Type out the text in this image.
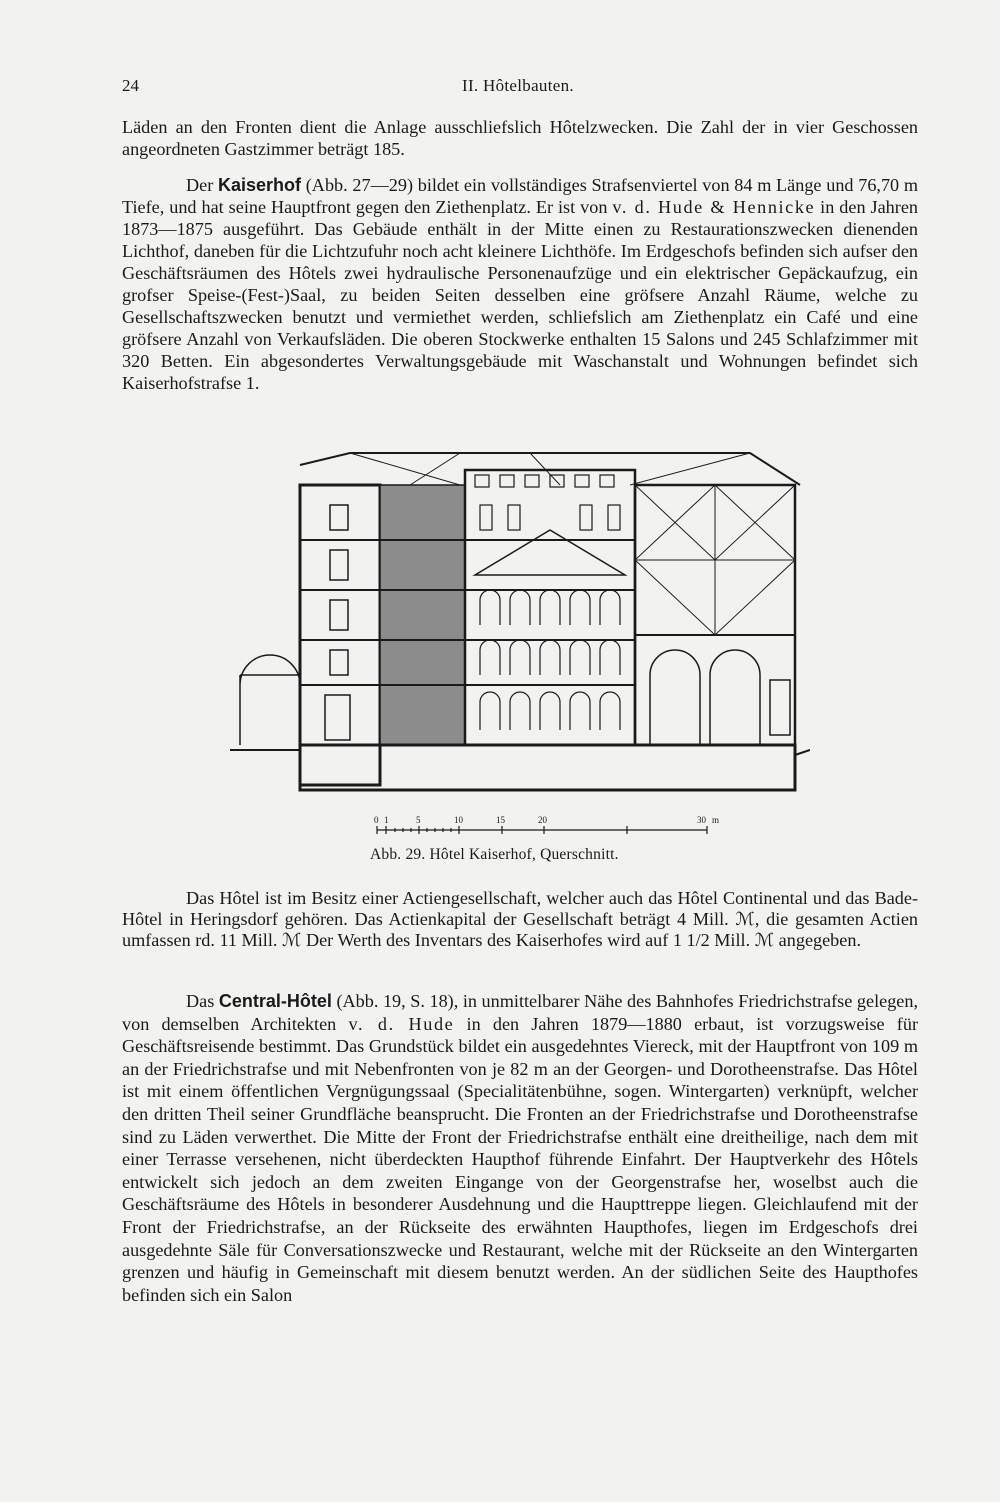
24	II. Hôtelbauten.

Läden an den Fronten dient die Anlage ausschliefslich Hôtelzwecken. Die Zahl der in vier Geschossen angeordneten Gastzimmer beträgt 185.

Der Kaiserhof (Abb. 27—29) bildet ein vollständiges Strafsenviertel von 84 m Länge und 76,70 m Tiefe, und hat seine Hauptfront gegen den Ziethenplatz. Er ist von v. d. Hude & Hennicke in den Jahren 1873—1875 ausgeführt. Das Gebäude enthält in der Mitte einen zu Restaurationszwecken dienenden Lichthof, daneben für die Lichtzufuhr noch acht kleinere Lichthöfe. Im Erdgeschofs befinden sich aufser den Geschäftsräumen des Hôtels zwei hydraulische Personenaufzüge und ein elektrischer Gepäckaufzug, ein grofser Speise-(Fest-)Saal, zu beiden Seiten desselben eine gröfsere Anzahl Räume, welche zu Gesellschaftszwecken benutzt und vermiethet werden, schliefslich am Ziethenplatz ein Café und eine gröfsere Anzahl von Verkaufsläden. Die oberen Stockwerke enthalten 15 Salons und 245 Schlafzimmer mit 320 Betten. Ein abgesondertes Verwaltungsgebäude mit Waschanstalt und Wohnungen befindet sich Kaiserhofstrafse 1.

0 1	5	10	15	20	30 m
Abb. 29. Hôtel Kaiserhof, Querschnitt.

Das Hôtel ist im Besitz einer Actiengesellschaft, welcher auch das Hôtel Continental und das Bade-Hôtel in Heringsdorf gehören. Das Actienkapital der Gesellschaft beträgt 4 Mill. ℳ, die gesamten Actien umfassen rd. 11 Mill. ℳ Der Werth des Inventars des Kaiserhofes wird auf 1 1/2 Mill. ℳ angegeben.

Das Central-Hôtel (Abb. 19, S. 18), in unmittelbarer Nähe des Bahnhofes Friedrichstrafse gelegen, von demselben Architekten v. d. Hude in den Jahren 1879—1880 erbaut, ist vorzugsweise für Geschäftsreisende bestimmt. Das Grundstück bildet ein ausgedehntes Viereck, mit der Hauptfront von 109 m an der Friedrichstrafse und mit Nebenfronten von je 82 m an der Georgen- und Dorotheenstrafse. Das Hôtel ist mit einem öffentlichen Vergnügungssaal (Specialitätenbühne, sogen. Wintergarten) verknüpft, welcher den dritten Theil seiner Grundfläche beansprucht. Die Fronten an der Friedrichstrafse und Dorotheenstrafse sind zu Läden verwerthet. Die Mitte der Front der Friedrichstrafse enthält eine dreitheilige, nach dem mit einer Terrasse versehenen, nicht überdeckten Haupthof führende Einfahrt. Der Hauptverkehr des Hôtels entwickelt sich jedoch an dem zweiten Eingange von der Georgenstrafse her, woselbst auch die Geschäftsräume des Hôtels in besonderer Ausdehnung und die Haupttreppe liegen. Gleichlaufend mit der Front der Friedrichstrafse, an der Rückseite des erwähnten Haupthofes, liegen im Erdgeschofs drei ausgedehnte Säle für Conversationszwecke und Restaurant, welche mit der Rückseite an den Wintergarten grenzen und häufig in Gemeinschaft mit diesem benutzt werden. An der südlichen Seite des Haupthofes befinden sich ein Salon
